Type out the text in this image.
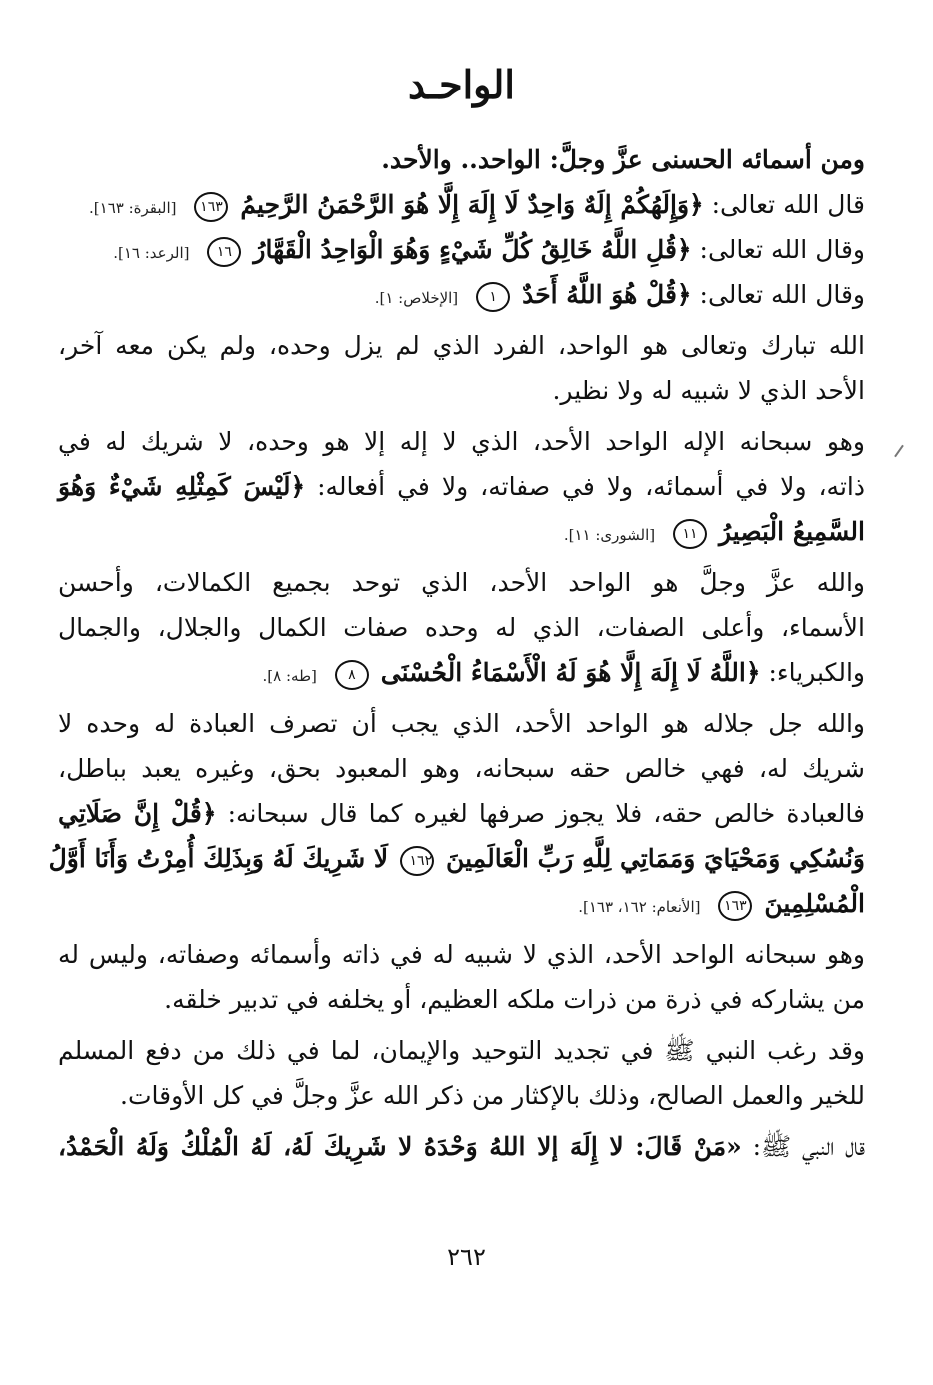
الواحـد
ومن أسمائه الحسنى عزَّ وجلَّ: الواحد.. والأحد.
قال الله تعالى: ﴿وَإِلَهُكُمْ إِلَهٌ وَاحِدٌ لَا إِلَهَ إِلَّا هُوَ الرَّحْمَنُ الرَّحِيمُ ١٦٣ [البقرة: ١٦٣].
وقال الله تعالى: ﴿قُلِ اللَّهُ خَالِقُ كُلِّ شَيْءٍ وَهُوَ الْوَاحِدُ الْقَهَّارُ ١٦ [الرعد: ١٦].
وقال الله تعالى: ﴿قُلْ هُوَ اللَّهُ أَحَدٌ ١ [الإخلاص: ١].
الله تبارك وتعالى هو الواحد، الفرد الذي لم يزل وحده، ولم يكن معه آخر،
الأحد الذي لا شبيه له ولا نظير.
وهو سبحانه الإله الواحد الأحد، الذي لا إله إلا هو وحده، لا شريك له في
ذاته، ولا في أسمائه، ولا في صفاته، ولا في أفعاله: ﴿لَيْسَ كَمِثْلِهِ شَيْءٌ وَهُوَ
السَّمِيعُ الْبَصِيرُ ١١ [الشورى: ١١].
والله عزَّ وجلَّ هو الواحد الأحد، الذي توحد بجميع الكمالات، وأحسن
الأسماء، وأعلى الصفات، الذي له وحده صفات الكمال والجلال، والجمال
والكبرياء: ﴿اللَّهُ لَا إِلَهَ إِلَّا هُوَ لَهُ الْأَسْمَاءُ الْحُسْنَى ٨ [طه: ٨].
والله جل جلاله هو الواحد الأحد، الذي يجب أن تصرف العبادة له وحده لا
شريك له، فهي خالص حقه سبحانه، وهو المعبود بحق، وغيره يعبد بباطل،
فالعبادة خالص حقه، فلا يجوز صرفها لغيره كما قال سبحانه: ﴿قُلْ إِنَّ صَلَاتِي
وَنُسُكِي وَمَحْيَايَ وَمَمَاتِي لِلَّهِ رَبِّ الْعَالَمِينَ ١٦٢ لَا شَرِيكَ لَهُ وَبِذَلِكَ أُمِرْتُ وَأَنَا أَوَّلُ
الْمُسْلِمِينَ ١٦٣ [الأنعام: ١٦٢، ١٦٣].
وهو سبحانه الواحد الأحد، الذي لا شبيه له في ذاته وأسمائه وصفاته، وليس له
من يشاركه في ذرة من ذرات ملكه العظيم، أو يخلفه في تدبير خلقه.
وقد رغب النبي ﷺ في تجديد التوحيد والإيمان، لما في ذلك من دفع المسلم
للخير والعمل الصالح، وذلك بالإكثار من ذكر الله عزَّ وجلَّ في كل الأوقات.
قال النبي ﷺ: «مَنْ قَالَ: لا إِلَهَ إلا اللهُ وَحْدَهُ لا شَرِيكَ لَهُ، لَهُ الْمُلْكُ وَلَهُ الْحَمْدُ،
٢٦٢
